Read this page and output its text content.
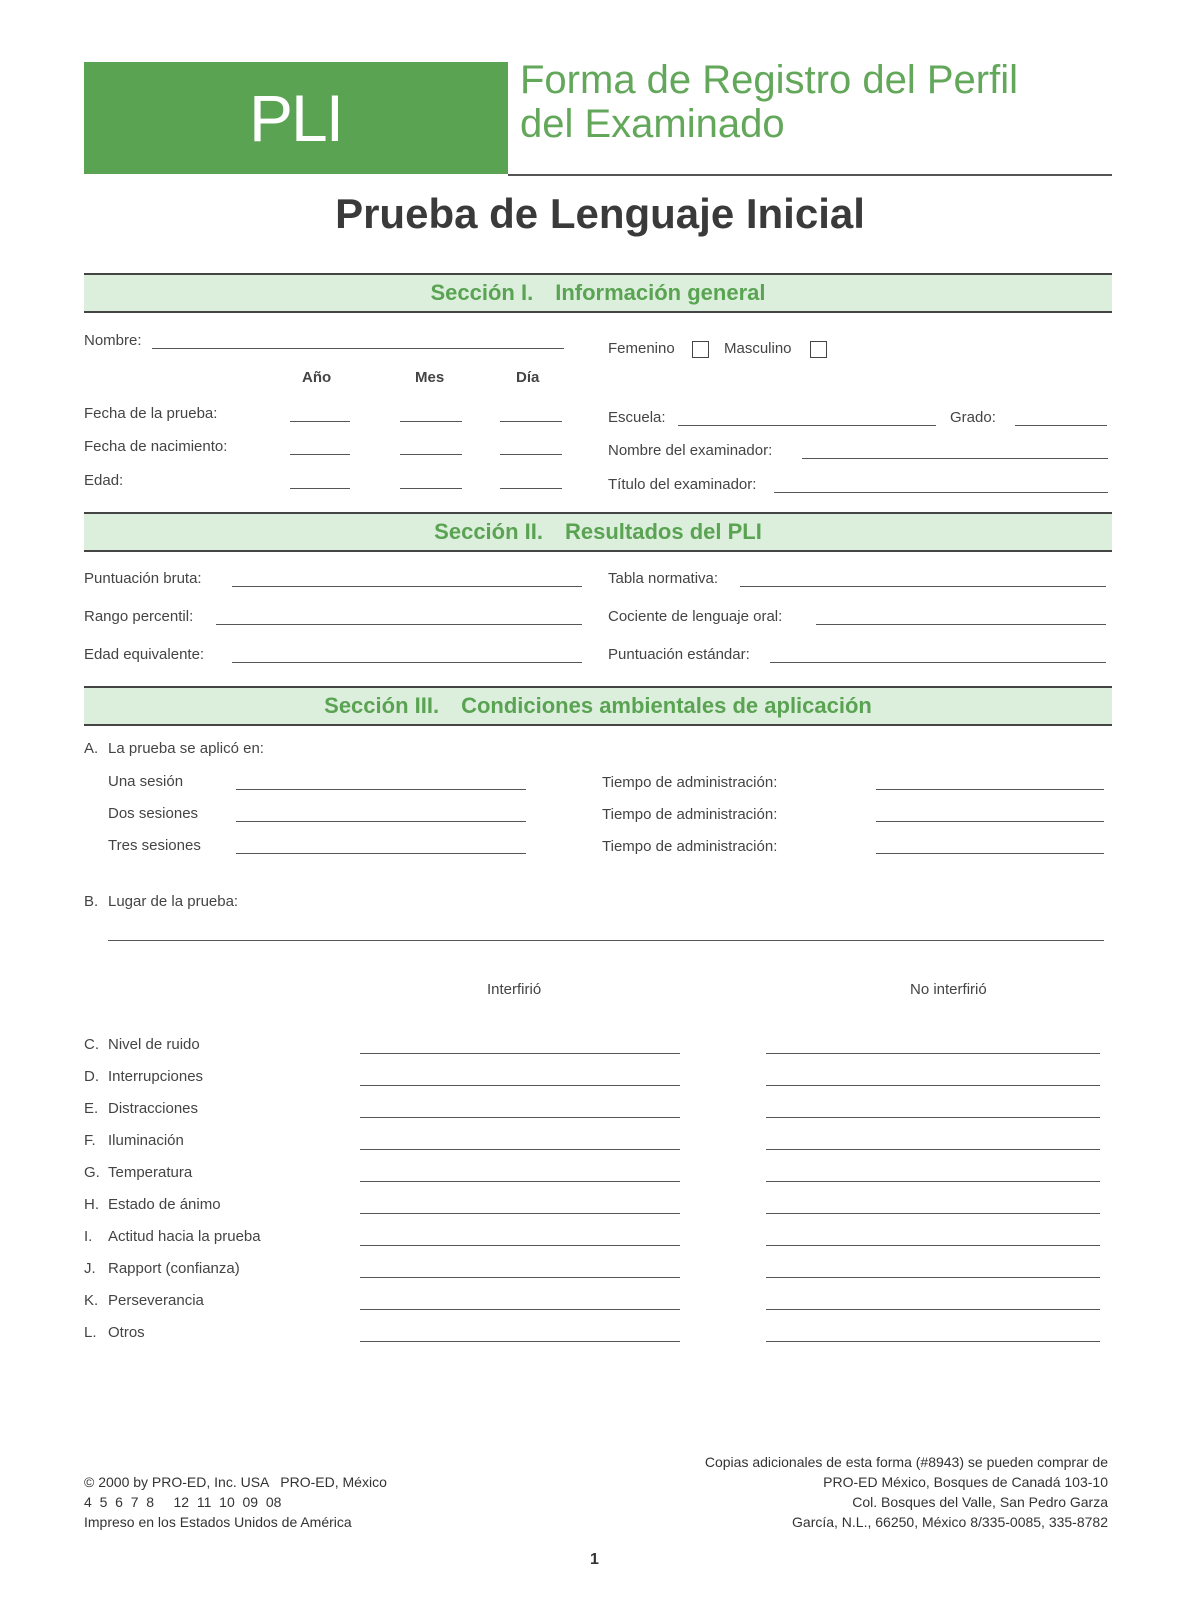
PLI
Forma de Registro del Perfil
del Examinado
Prueba de Lenguaje Inicial
Sección I. Información general
Nombre:	Femenino	Masculino
Año	Mes	Día
Fecha de la prueba:
Fecha de nacimiento:
Edad:
Escuela:	Grado:
Nombre del examinador:
Título del examinador:
Sección II. Resultados del PLI
Puntuación bruta:
Rango percentil:
Edad equivalente:
Tabla normativa:
Cociente de lenguaje oral:
Puntuación estándar:
Sección III. Condiciones ambientales de aplicación
A. La prueba se aplicó en:
Una sesión	Tiempo de administración:
Dos sesiones	Tiempo de administración:
Tres sesiones	Tiempo de administración:
B. Lugar de la prueba:
Interfirió	No interfirió
C. Nivel de ruido
D. Interrupciones
E. Distracciones
F. Iluminación
G. Temperatura
H. Estado de ánimo
I. Actitud hacia la prueba
J. Rapport (confianza)
K. Perseverancia
L. Otros
© 2000 by PRO-ED, Inc. USA   PRO-ED, México
4  5  6  7  8     12  11  10  09  08
Impreso en los Estados Unidos de América
Copias adicionales de esta forma (#8943) se pueden comprar de
PRO-ED México, Bosques de Canadá 103-10
Col. Bosques del Valle, San Pedro Garza
García, N.L., 66250, México 8/335-0085, 335-8782
1
